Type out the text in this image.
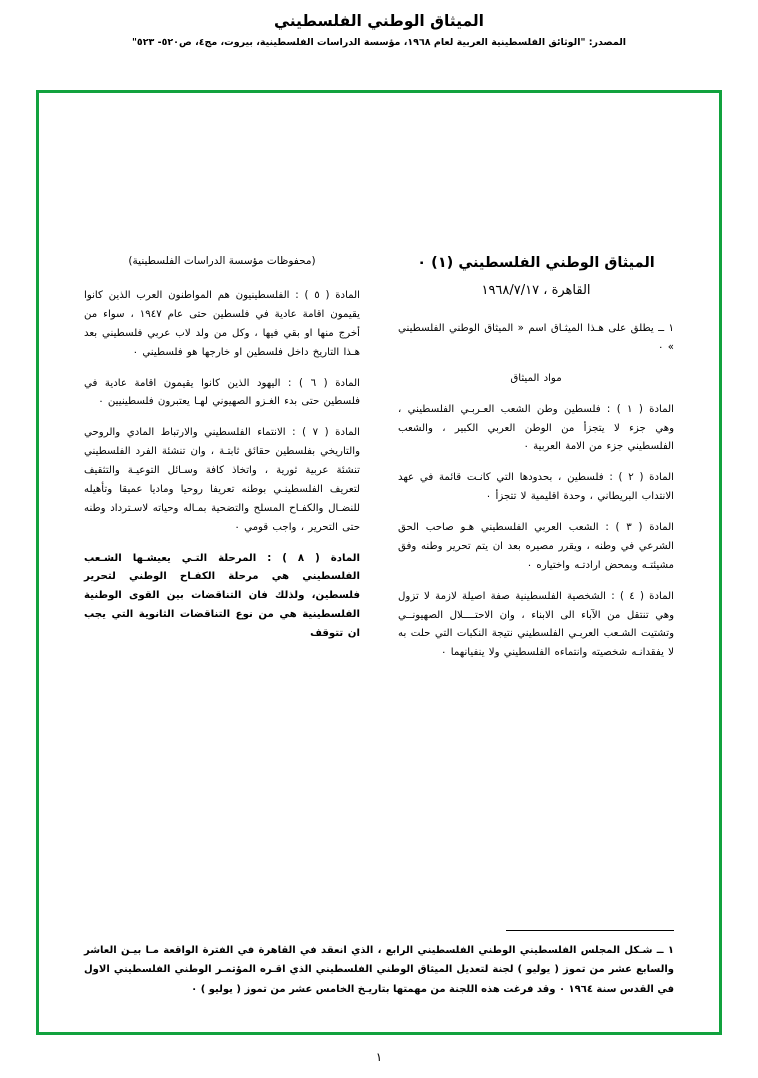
الميثاق الوطني الفلسطيني
المصدر: "الوثائق الفلسطينية العربية لعام ١٩٦٨، مؤسسة الدراسات الفلسطينية، بيروت، مج٤، ص٥٢٠- ٥٢٣"
الميثاق الوطني الفلسطيني (١) ٠
القاهرة ، ١٩٦٨/٧/١٧
١ ــ يطلق على هـذا الميثـاق اسم « الميثاق الوطني الفلسطيني » ٠
مواد الميثاق
المادة ( ١ ) : فلسطين وطن الشعب العـربـي الفلسطيني ، وهي جزء لا يتجزأ من الوطن العربي الكبير ، والشعب الفلسطيني جزء من الامة العربية ٠
المادة ( ٢ ) : فلسطين ، بحدودها التي كانـت قائمة في عهد الانتداب البريطاني ، وحدة اقليمية لا تتجزأ ٠
المادة ( ٣ ) : الشعب العربي الفلسطيني هـو صاحب الحق الشرعي في وطنه ، ويقرر مصيره بعد ان يتم تحرير وطنه وفق مشيئتـه وبمحض ارادتـه واختياره ٠
المادة ( ٤ ) : الشخصية الفلسطينية صفة اصيلة لازمة لا تزول وهي تنتقل من الآباء الى الابناء ، وان الاحتــــلال الصهيونــي وتشتيت الشـعب العربـي الفلسطيني نتيجة النكبات التي حلت به لا يفقدانـه شخصيته وانتماءه الفلسطيني ولا ينفيانهما ٠
(محفوظات مؤسسة الدراسات الفلسطينية)
المادة ( ٥ ) : الفلسطينيون هم المواطنون العرب الذين كانوا يقيمون اقامة عادية في فلسطين حتى عام ١٩٤٧ ، سواء من أخرج منها او بقي فيها ، وكل من ولد لاب عربي فلسطيني بعد هـذا التاريخ داخل فلسطين او خارجها هو فلسطيني ٠
المادة ( ٦ ) : اليهود الذين كانوا يقيمون اقامة عادية في فلسطين حتى بدء الغـزو الصهيوني لهـا يعتبرون فلسطينيين ٠
المادة ( ٧ ) : الانتماء الفلسطيني والارتباط المادي والروحي والتاريخي بفلسطين حقائق ثابتـة ، وان تنشئة الفرد الفلسطيني تنشئة عربية ثورية ، واتخاذ كافة وسـائل التوعيـة والتثقيف لتعريف الفلسطينـي بوطنه تعريفا روحيا وماديا عميقا وتأهيله للنضـال والكفـاح المسلح والتضحية بمـاله وحياته لاسـترداد وطنه حتى التحرير ، واجب قومي ٠
المادة ( ٨ ) : المرحلة التـي يعيشـها الشـعب الفلسطيني هي مرحلة الكفـاح الوطني لتحرير فلسطين، ولذلك فان التناقضات بين القوى الوطنية الفلسطينية هي من نوع التناقضات الثانوية التي يجب ان تتوقف
١ ــ شـكل المجلس الفلسطيني الوطني الفلسطيني الرابع ، الذي انعقد في القاهرة في الفترة الواقعة مـا بيـن العاشر والسابع عشر من تموز ( يوليو ) لجنة لتعديل الميثاق الوطني الفلسطيني الذي اقـره المؤتمـر الوطني الفلسطيني الاول في القدس سنة ١٩٦٤ ٠ وقد فرغت هذه اللجنة من مهمتها بتاريـخ الخامس عشر من تموز ( يوليو ) ٠
١
